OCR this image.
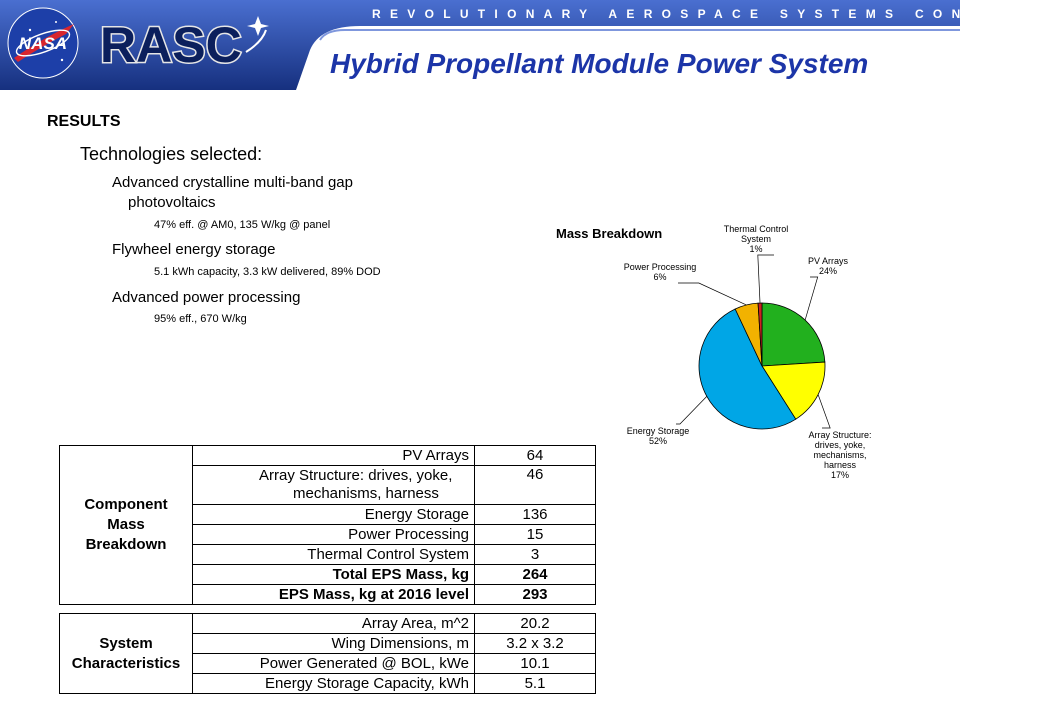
NASA RASC
REVOLUTIONARY AEROSPACE SYSTEMS CONCEPTS
Hybrid Propellant Module Power System
RESULTS
Technologies selected:
Advanced crystalline multi-band gap
photovoltaics
47% eff. @ AM0, 135 W/kg @ panel
Flywheel energy storage
5.1 kWh capacity, 3.3 kW delivered, 89% DOD
Advanced power processing
95% eff., 670 W/kg
Mass Breakdown
PV Arrays 24%
Array Structure: drives, yoke, mechanisms, harness 17%
Energy Storage 52%
Power Processing 6%
Thermal Control System 1%
Component
Mass
Breakdown	PV Arrays	64

	Array Structure: drives, yoke,
mechanisms, harness	46
	Energy Storage	136
	Power Processing	15
	Thermal Control System	3
	Total EPS Mass, kg	264
	EPS Mass, kg at 2016 level	293

System
Characteristics	Array Area, m^2	20.2
	Wing Dimensions, m	3.2 x 3.2
	Power Generated @ BOL, kWe	10.1
	Energy Storage Capacity, kWh	5.1
